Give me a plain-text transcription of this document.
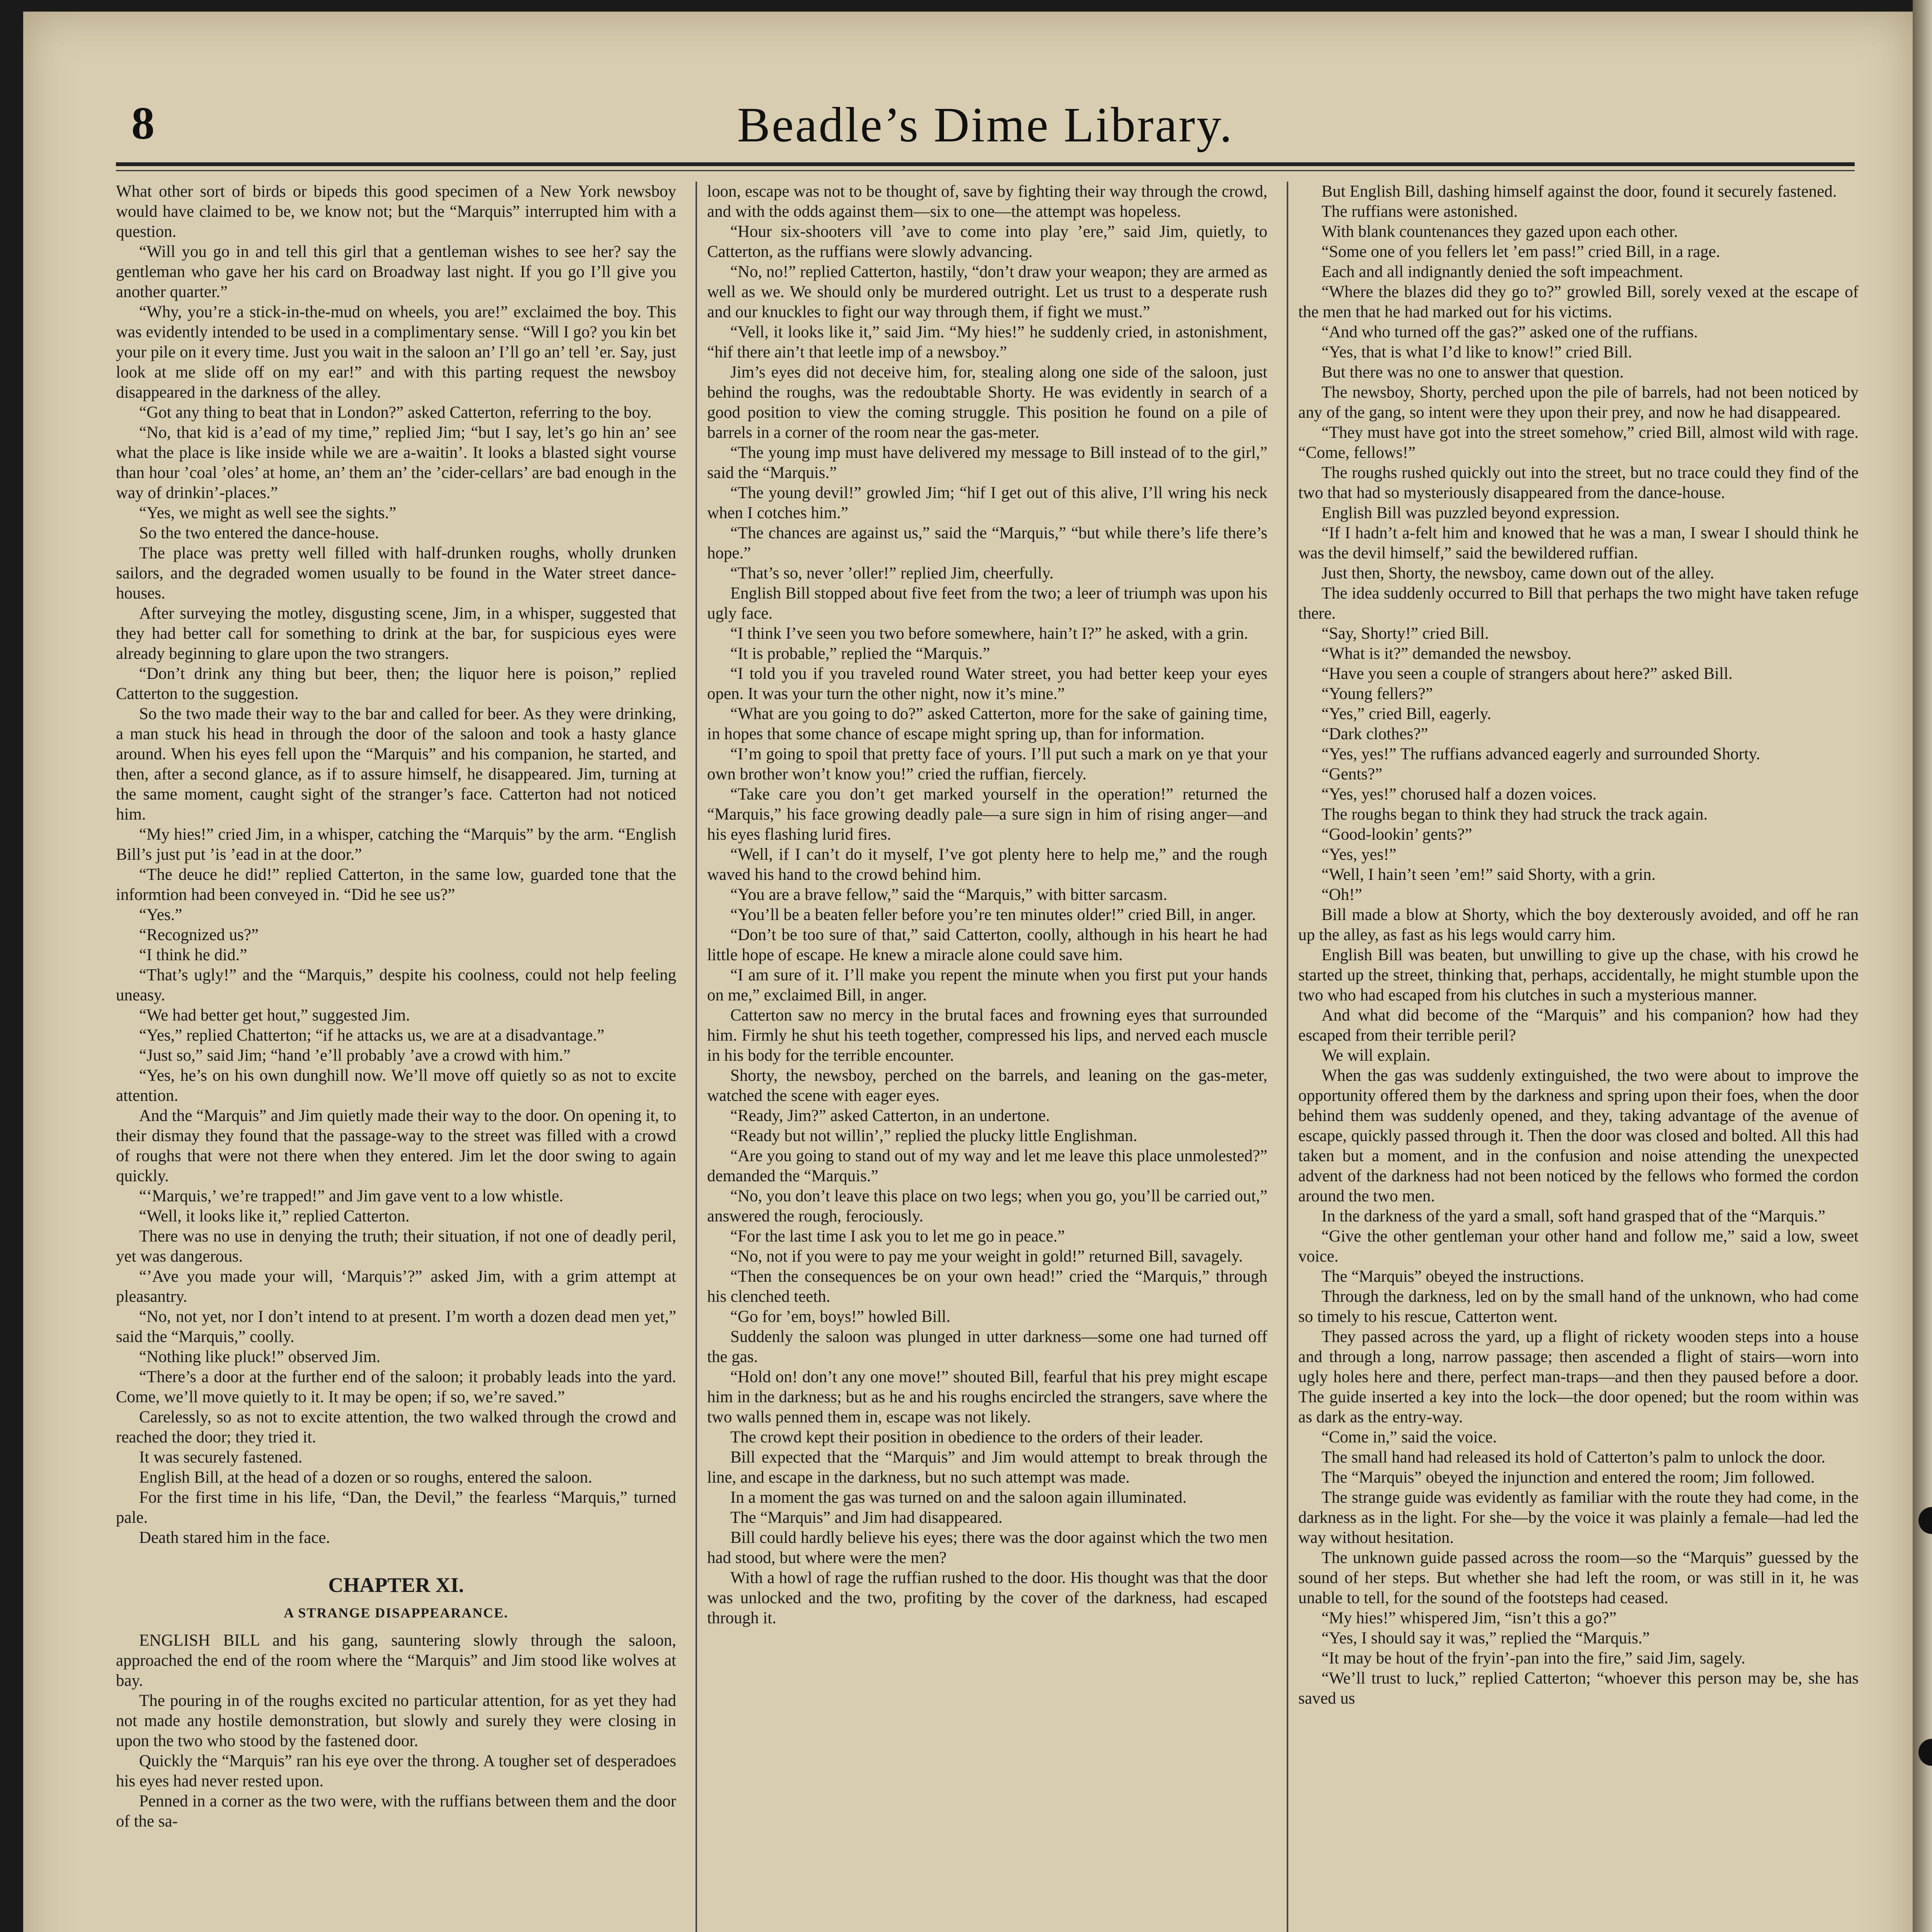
8	Beadle’s Dime Library.

What other sort of birds or bipeds this good specimen of a New York newsboy would have claimed to be, we know not; but the “Marquis” interrupted him with a question.

“Will you go in and tell this girl that a gentleman wishes to see her? say the gentleman who gave her his card on Broadway last night. If you go I’ll give you another quarter.”

“Why, you’re a stick-in-the-mud on wheels, you are!” exclaimed the boy. This was evidently intended to be used in a complimentary sense. “Will I go? you kin bet your pile on it every time. Just you wait in the saloon an’ I’ll go an’ tell ’er. Say, just look at me slide off on my ear!” and with this parting request the newsboy disappeared in the darkness of the alley.

“Got any thing to beat that in London?” asked Catterton, referring to the boy.

“No, that kid is a’ead of my time,” replied Jim; “but I say, let’s go hin an’ see what the place is like inside while we are a-waitin’. It looks a blasted sight vourse than hour ’coal ’oles’ at home, an’ them an’ the ’cider-cellars’ are bad enough in the way of drinkin’-places.”

“Yes, we might as well see the sights.”

So the two entered the dance-house.

The place was pretty well filled with half-drunken roughs, wholly drunken sailors, and the degraded women usually to be found in the Water street dance-houses.

After surveying the motley, disgusting scene, Jim, in a whisper, suggested that they had better call for something to drink at the bar, for suspicious eyes were already beginning to glare upon the two strangers.

“Don’t drink any thing but beer, then; the liquor here is poison,” replied Catterton to the suggestion.

So the two made their way to the bar and called for beer. As they were drinking, a man stuck his head in through the door of the saloon and took a hasty glance around. When his eyes fell upon the “Marquis” and his companion, he started, and then, after a second glance, as if to assure himself, he disappeared. Jim, turning at the same moment, caught sight of the stranger’s face. Catterton had not noticed him.

“My hies!” cried Jim, in a whisper, catching the “Marquis” by the arm. “English Bill’s just put ’is ’ead in at the door.”

“The deuce he did!” replied Catterton, in the same low, guarded tone that the informtion had been conveyed in. “Did he see us?”

“Yes.”

“Recognized us?”

“I think he did.”

“That’s ugly!” and the “Marquis,” despite his coolness, could not help feeling uneasy.

“We had better get hout,” suggested Jim.

“Yes,” replied Chatterton; “if he attacks us, we are at a disadvantage.”

“Just so,” said Jim; “hand ’e’ll probably ’ave a crowd with him.”

“Yes, he’s on his own dunghill now. We’ll move off quietly so as not to excite attention.

And the “Marquis” and Jim quietly made their way to the door. On opening it, to their dismay they found that the passage-way to the street was filled with a crowd of roughs that were not there when they entered. Jim let the door swing to again quickly.

“‘Marquis,’ we’re trapped!” and Jim gave vent to a low whistle.

“Well, it looks like it,” replied Catterton.

There was no use in denying the truth; their situation, if not one of deadly peril, yet was dangerous.

“’Ave you made your will, ‘Marquis’?” asked Jim, with a grim attempt at pleasantry.

“No, not yet, nor I don’t intend to at present. I’m worth a dozen dead men yet,” said the “Marquis,” coolly.

“Nothing like pluck!” observed Jim.

“There’s a door at the further end of the saloon; it probably leads into the yard. Come, we’ll move quietly to it. It may be open; if so, we’re saved.”

Carelessly, so as not to excite attention, the two walked through the crowd and reached the door; they tried it.

It was securely fastened.

English Bill, at the head of a dozen or so roughs, entered the saloon.

For the first time in his life, “Dan, the Devil,” the fearless “Marquis,” turned pale.

Death stared him in the face.

CHAPTER XI.
A STRANGE DISAPPEARANCE.

ENGLISH BILL and his gang, sauntering slowly through the saloon, approached the end of the room where the “Marquis” and Jim stood like wolves at bay.

The pouring in of the roughs excited no particular attention, for as yet they had not made any hostile demonstration, but slowly and surely they were closing in upon the two who stood by the fastened door.

Quickly the “Marquis” ran his eye over the throng. A tougher set of desperadoes his eyes had never rested upon.

Penned in a corner as the two were, with the ruffians between them and the door of the sa-

loon, escape was not to be thought of, save by fighting their way through the crowd, and with the odds against them—six to one—the attempt was hopeless.

“Hour six-shooters vill ’ave to come into play ’ere,” said Jim, quietly, to Catterton, as the ruffians were slowly advancing.

“No, no!” replied Catterton, hastily, “don’t draw your weapon; they are armed as well as we. We should only be murdered outright. Let us trust to a desperate rush and our knuckles to fight our way through them, if fight we must.”

“Vell, it looks like it,” said Jim. “My hies!” he suddenly cried, in astonishment, “hif there ain’t that leetle imp of a newsboy.”

Jim’s eyes did not deceive him, for, stealing along one side of the saloon, just behind the roughs, was the redoubtable Shorty. He was evidently in search of a good position to view the coming struggle. This position he found on a pile of barrels in a corner of the room near the gas-meter.

“The young imp must have delivered my message to Bill instead of to the girl,” said the “Marquis.”

“The young devil!” growled Jim; “hif I get out of this alive, I’ll wring his neck when I cotches him.”

“The chances are against us,” said the “Marquis,” “but while there’s life there’s hope.”

“That’s so, never ’oller!” replied Jim, cheerfully.

English Bill stopped about five feet from the two; a leer of triumph was upon his ugly face.

“I think I’ve seen you two before somewhere, hain’t I?” he asked, with a grin.

“It is probable,” replied the “Marquis.”

“I told you if you traveled round Water street, you had better keep your eyes open. It was your turn the other night, now it’s mine.”

“What are you going to do?” asked Catterton, more for the sake of gaining time, in hopes that some chance of escape might spring up, than for information.

“I’m going to spoil that pretty face of yours. I’ll put such a mark on ye that your own brother won’t know you!” cried the ruffian, fiercely.

“Take care you don’t get marked yourself in the operation!” returned the “Marquis,” his face growing deadly pale—a sure sign in him of rising anger—and his eyes flashing lurid fires.

“Well, if I can’t do it myself, I’ve got plenty here to help me,” and the rough waved his hand to the crowd behind him.

“You are a brave fellow,” said the “Marquis,” with bitter sarcasm.

“You’ll be a beaten feller before you’re ten minutes older!” cried Bill, in anger.

“Don’t be too sure of that,” said Catterton, coolly, although in his heart he had little hope of escape. He knew a miracle alone could save him.

“I am sure of it. I’ll make you repent the minute when you first put your hands on me,” exclaimed Bill, in anger.

Catterton saw no mercy in the brutal faces and frowning eyes that surrounded him. Firmly he shut his teeth together, compressed his lips, and nerved each muscle in his body for the terrible encounter.

Shorty, the newsboy, perched on the barrels, and leaning on the gas-meter, watched the scene with eager eyes.

“Ready, Jim?” asked Catterton, in an undertone.

“Ready but not willin’,” replied the plucky little Englishman.

“Are you going to stand out of my way and let me leave this place unmolested?” demanded the “Marquis.”

“No, you don’t leave this place on two legs; when you go, you’ll be carried out,” answered the rough, ferociously.

“For the last time I ask you to let me go in peace.”

“No, not if you were to pay me your weight in gold!” returned Bill, savagely.

“Then the consequences be on your own head!” cried the “Marquis,” through his clenched teeth.

“Go for ’em, boys!” howled Bill.

Suddenly the saloon was plunged in utter darkness—some one had turned off the gas.

“Hold on! don’t any one move!” shouted Bill, fearful that his prey might escape him in the darkness; but as he and his roughs encircled the strangers, save where the two walls penned them in, escape was not likely.

The crowd kept their position in obedience to the orders of their leader.

Bill expected that the “Marquis” and Jim would attempt to break through the line, and escape in the darkness, but no such attempt was made.

In a moment the gas was turned on and the saloon again illuminated.

The “Marquis” and Jim had disappeared.

Bill could hardly believe his eyes; there was the door against which the two men had stood, but where were the men?

With a howl of rage the ruffian rushed to the door. His thought was that the door was unlocked and the two, profiting by the cover of the darkness, had escaped through it.

But English Bill, dashing himself against the door, found it securely fastened.

The ruffians were astonished.

With blank countenances they gazed upon each other.

“Some one of you fellers let ’em pass!” cried Bill, in a rage.

Each and all indignantly denied the soft impeachment.

“Where the blazes did they go to?” growled Bill, sorely vexed at the escape of the men that he had marked out for his victims.

“And who turned off the gas?” asked one of the ruffians.

“Yes, that is what I’d like to know!” cried Bill.

But there was no one to answer that question.

The newsboy, Shorty, perched upon the pile of barrels, had not been noticed by any of the gang, so intent were they upon their prey, and now he had disappeared.

“They must have got into the street somehow,” cried Bill, almost wild with rage. “Come, fellows!”

The roughs rushed quickly out into the street, but no trace could they find of the two that had so mysteriously disappeared from the dance-house.

English Bill was puzzled beyond expression.

“If I hadn’t a-felt him and knowed that he was a man, I swear I should think he was the devil himself,” said the bewildered ruffian.

Just then, Shorty, the newsboy, came down out of the alley.

The idea suddenly occurred to Bill that perhaps the two might have taken refuge there.

“Say, Shorty!” cried Bill.

“What is it?” demanded the newsboy.

“Have you seen a couple of strangers about here?” asked Bill.

“Young fellers?”

“Yes,” cried Bill, eagerly.

“Dark clothes?”

“Yes, yes!” The ruffians advanced eagerly and surrounded Shorty.

“Gents?”

“Yes, yes!” chorused half a dozen voices.

The roughs began to think they had struck the track again.

“Good-lookin’ gents?”

“Yes, yes!”

“Well, I hain’t seen ’em!” said Shorty, with a grin.

“Oh!”

Bill made a blow at Shorty, which the boy dexterously avoided, and off he ran up the alley, as fast as his legs would carry him.

English Bill was beaten, but unwilling to give up the chase, with his crowd he started up the street, thinking that, perhaps, accidentally, he might stumble upon the two who had escaped from his clutches in such a mysterious manner.

And what did become of the “Marquis” and his companion? how had they escaped from their terrible peril?

We will explain.

When the gas was suddenly extinguished, the two were about to improve the opportunity offered them by the darkness and spring upon their foes, when the door behind them was suddenly opened, and they, taking advantage of the avenue of escape, quickly passed through it. Then the door was closed and bolted. All this had taken but a moment, and in the confusion and noise attending the unexpected advent of the darkness had not been noticed by the fellows who formed the cordon around the two men.

In the darkness of the yard a small, soft hand grasped that of the “Marquis.”

“Give the other gentleman your other hand and follow me,” said a low, sweet voice.

The “Marquis” obeyed the instructions.

Through the darkness, led on by the small hand of the unknown, who had come so timely to his rescue, Catterton went.

They passed across the yard, up a flight of rickety wooden steps into a house and through a long, narrow passage; then ascended a flight of stairs—worn into ugly holes here and there, perfect man-traps—and then they paused before a door. The guide inserted a key into the lock—the door opened; but the room within was as dark as the entry-way.

“Come in,” said the voice.

The small hand had released its hold of Catterton’s palm to unlock the door.

The “Marquis” obeyed the injunction and entered the room; Jim followed.

The strange guide was evidently as familiar with the route they had come, in the darkness as in the light. For she—by the voice it was plainly a female—had led the way without hesitation.

The unknown guide passed across the room—so the “Marquis” guessed by the sound of her steps. But whether she had left the room, or was still in it, he was unable to tell, for the sound of the footsteps had ceased.

“My hies!” whispered Jim, “isn’t this a go?”

“Yes, I should say it was,” replied the “Marquis.”

“It may be hout of the fryin’-pan into the fire,” said Jim, sagely.

“We’ll trust to luck,” replied Catterton; “whoever this person may be, she has saved us
